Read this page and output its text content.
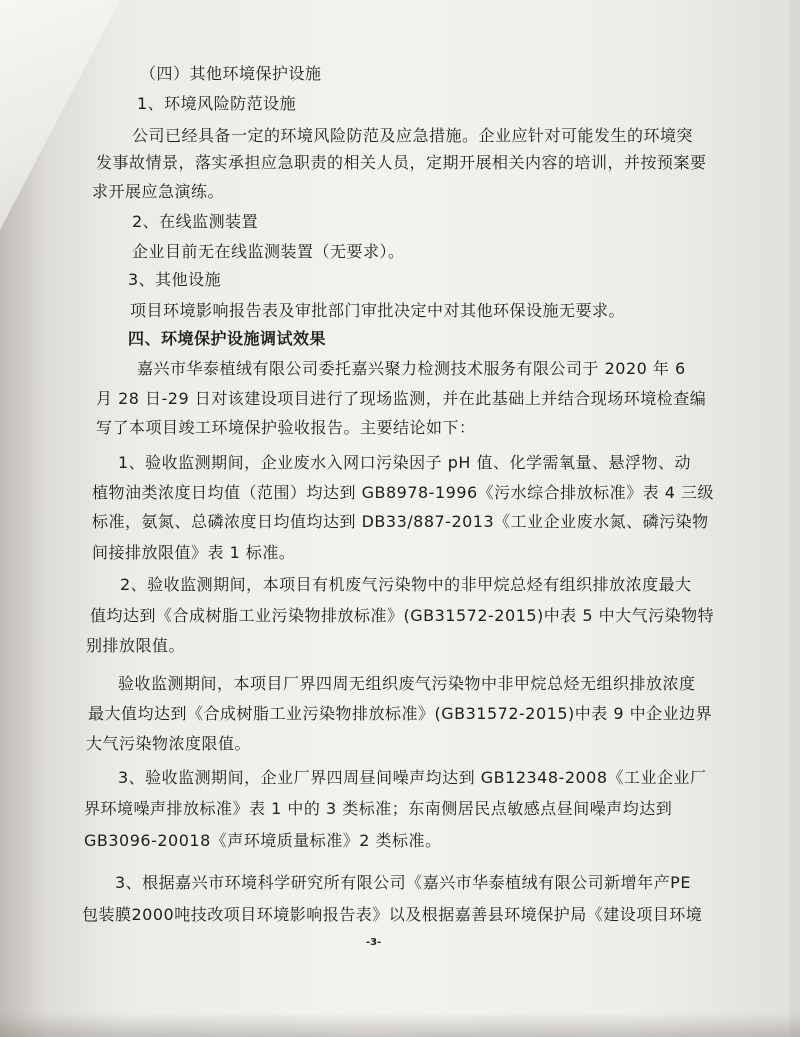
（四）其他环境保护设施
1、环境风险防范设施
公司已经具备一定的环境风险防范及应急措施。企业应针对可能发生的环境突
发事故情景，落实承担应急职责的相关人员，定期开展相关内容的培训，并按预案要
求开展应急演练。
2、在线监测装置
企业目前无在线监测装置（无要求）。
3、其他设施
项目环境影响报告表及审批部门审批决定中对其他环保设施无要求。
四、环境保护设施调试效果
嘉兴市华泰植绒有限公司委托嘉兴聚力检测技术服务有限公司于 2020 年 6
月 28 日-29 日对该建设项目进行了现场监测，并在此基础上并结合现场环境检查编
写了本项目竣工环境保护验收报告。主要结论如下：
1、验收监测期间，企业废水入网口污染因子 pH 值、化学需氧量、悬浮物、动
植物油类浓度日均值（范围）均达到 GB8978-1996《污水综合排放标准》表 4 三级
标准，氨氮、总磷浓度日均值均达到 DB33/887-2013《工业企业废水氮、磷污染物
间接排放限值》表 1 标准。
2、验收监测期间，本项目有机废气污染物中的非甲烷总烃有组织排放浓度最大
值均达到《合成树脂工业污染物排放标准》(GB31572-2015)中表 5 中大气污染物特
别排放限值。
验收监测期间，本项目厂界四周无组织废气污染物中非甲烷总烃无组织排放浓度
最大值均达到《合成树脂工业污染物排放标准》(GB31572-2015)中表 9 中企业边界
大气污染物浓度限值。
3、验收监测期间，企业厂界四周昼间噪声均达到 GB12348-2008《工业企业厂
界环境噪声排放标准》表 1 中的 3 类标准；东南侧居民点敏感点昼间噪声均达到
GB3096-20018《声环境质量标准》2 类标准。
3、根据嘉兴市环境科学研究所有限公司《嘉兴市华泰植绒有限公司新增年产PE
包装膜2000吨技改项目环境影响报告表》以及根据嘉善县环境保护局《建设项目环境
-3-
